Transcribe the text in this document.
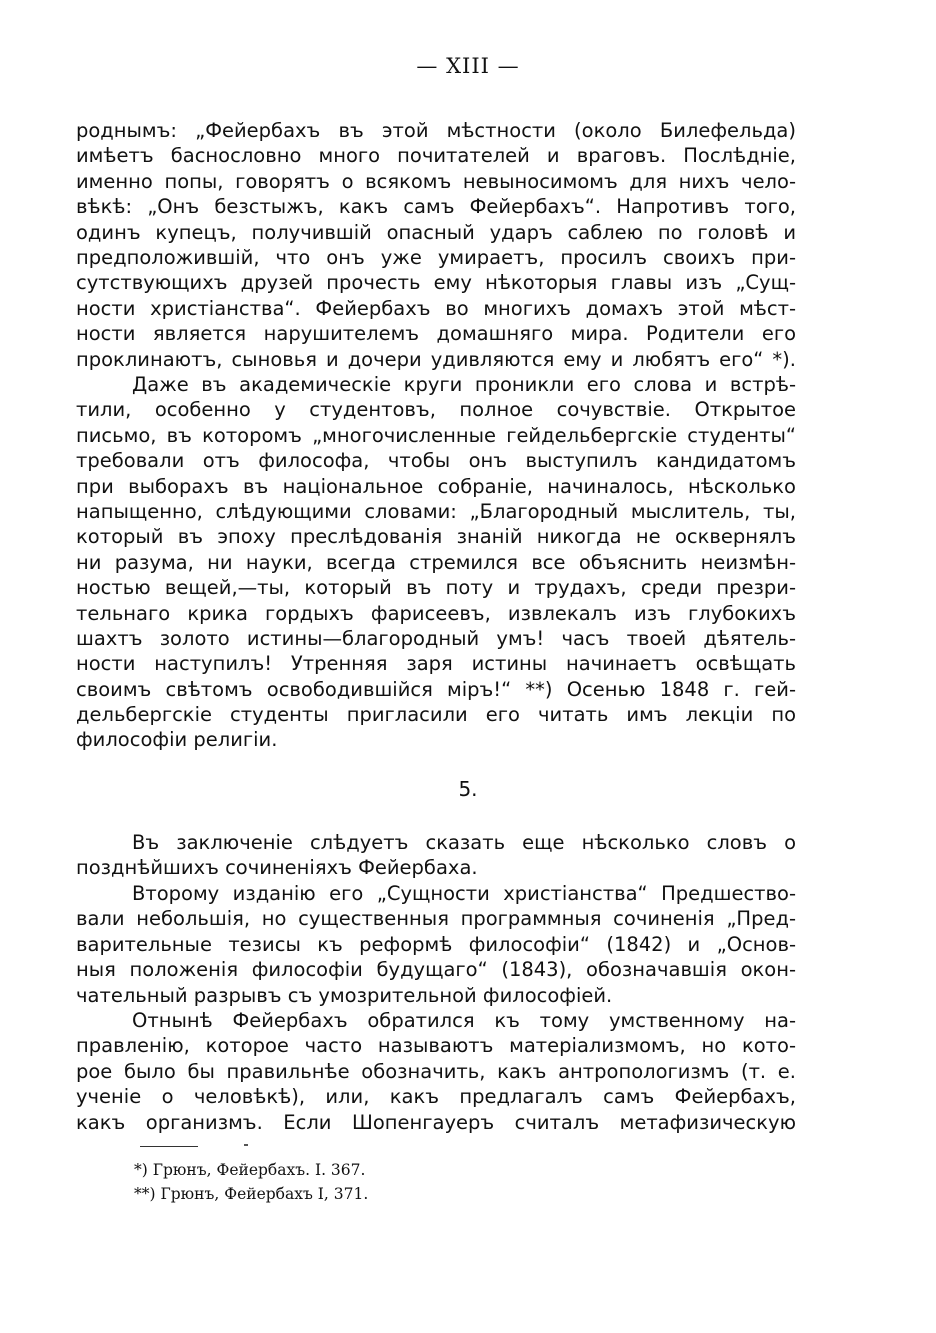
— XIII —
роднымъ: „Фейербахъ въ этой мѣстности (около Билефельда)
имѣетъ баснословно много почитателей и враговъ. Послѣдніе,
именно попы, говорятъ о всякомъ невыносимомъ для нихъ чело-
вѣкѣ: „Онъ безстыжъ, какъ самъ Фейербахъ“. Напротивъ того,
одинъ купецъ, получившій опасный ударъ саблею по головѣ и
предположившій, что онъ уже умираетъ, просилъ своихъ при-
сутствующихъ друзей прочесть ему нѣкоторыя главы изъ „Сущ-
ности христіанства“. Фейербахъ во многихъ домахъ этой мѣст-
ности является нарушителемъ домашняго мира. Родители его
проклинаютъ, сыновья и дочери удивляются ему и любятъ его“ *).
Даже въ академическіе круги проникли его слова и встрѣ-
тили, особенно у студентовъ, полное сочувствіе. Открытое
письмо, въ которомъ „многочисленные гейдельбергскіе студенты“
требовали отъ философа, чтобы онъ выступилъ кандидатомъ
при выборахъ въ національное собраніе, начиналось, нѣсколько
напыщенно, слѣдующими словами: „Благородный мыслитель, ты,
который въ эпоху преслѣдованія знаній никогда не осквернялъ
ни разума, ни науки, всегда стремился все объяснить неизмѣн-
ностью вещей,—ты, который въ поту и трудахъ, среди презри-
тельнаго крика гордыхъ фарисеевъ, извлекалъ изъ глубокихъ
шахтъ золото истины—благородный умъ! часъ твоей дѣятель-
ности наступилъ! Утренняя заря истины начинаетъ освѣщать
своимъ свѣтомъ освободившійся міръ!“ **) Осенью 1848 г. гей-
дельбергскіе студенты пригласили его читать имъ лекціи по
философіи религіи.
5.
Въ заключеніе слѣдуетъ сказать еще нѣсколько словъ о
позднѣйшихъ сочиненіяхъ Фейербаха.
Второму изданію его „Сущности христіанства“ Предшество-
вали небольшія, но существенныя программныя сочиненія „Пред-
варительные тезисы къ реформѣ философіи“ (1842) и „Основ-
ныя положенія философіи будущаго“ (1843), обозначавшія окон-
чательный разрывъ съ умозрительной философіей.
Отнынѣ Фейербахъ обратился къ тому умственному на-
правленію, которое часто называютъ матеріализмомъ, но кото-
рое было бы правильнѣе обозначить, какъ антропологизмъ (т. е.
ученіе о человѣкѣ), или, какъ предлагалъ самъ Фейербахъ,
какъ организмъ. Если Шопенгауеръ считалъ метафизическую
*) Грюнъ, Фейербахъ. I. 367.
**) Грюнъ, Фейербахъ I, 371.
